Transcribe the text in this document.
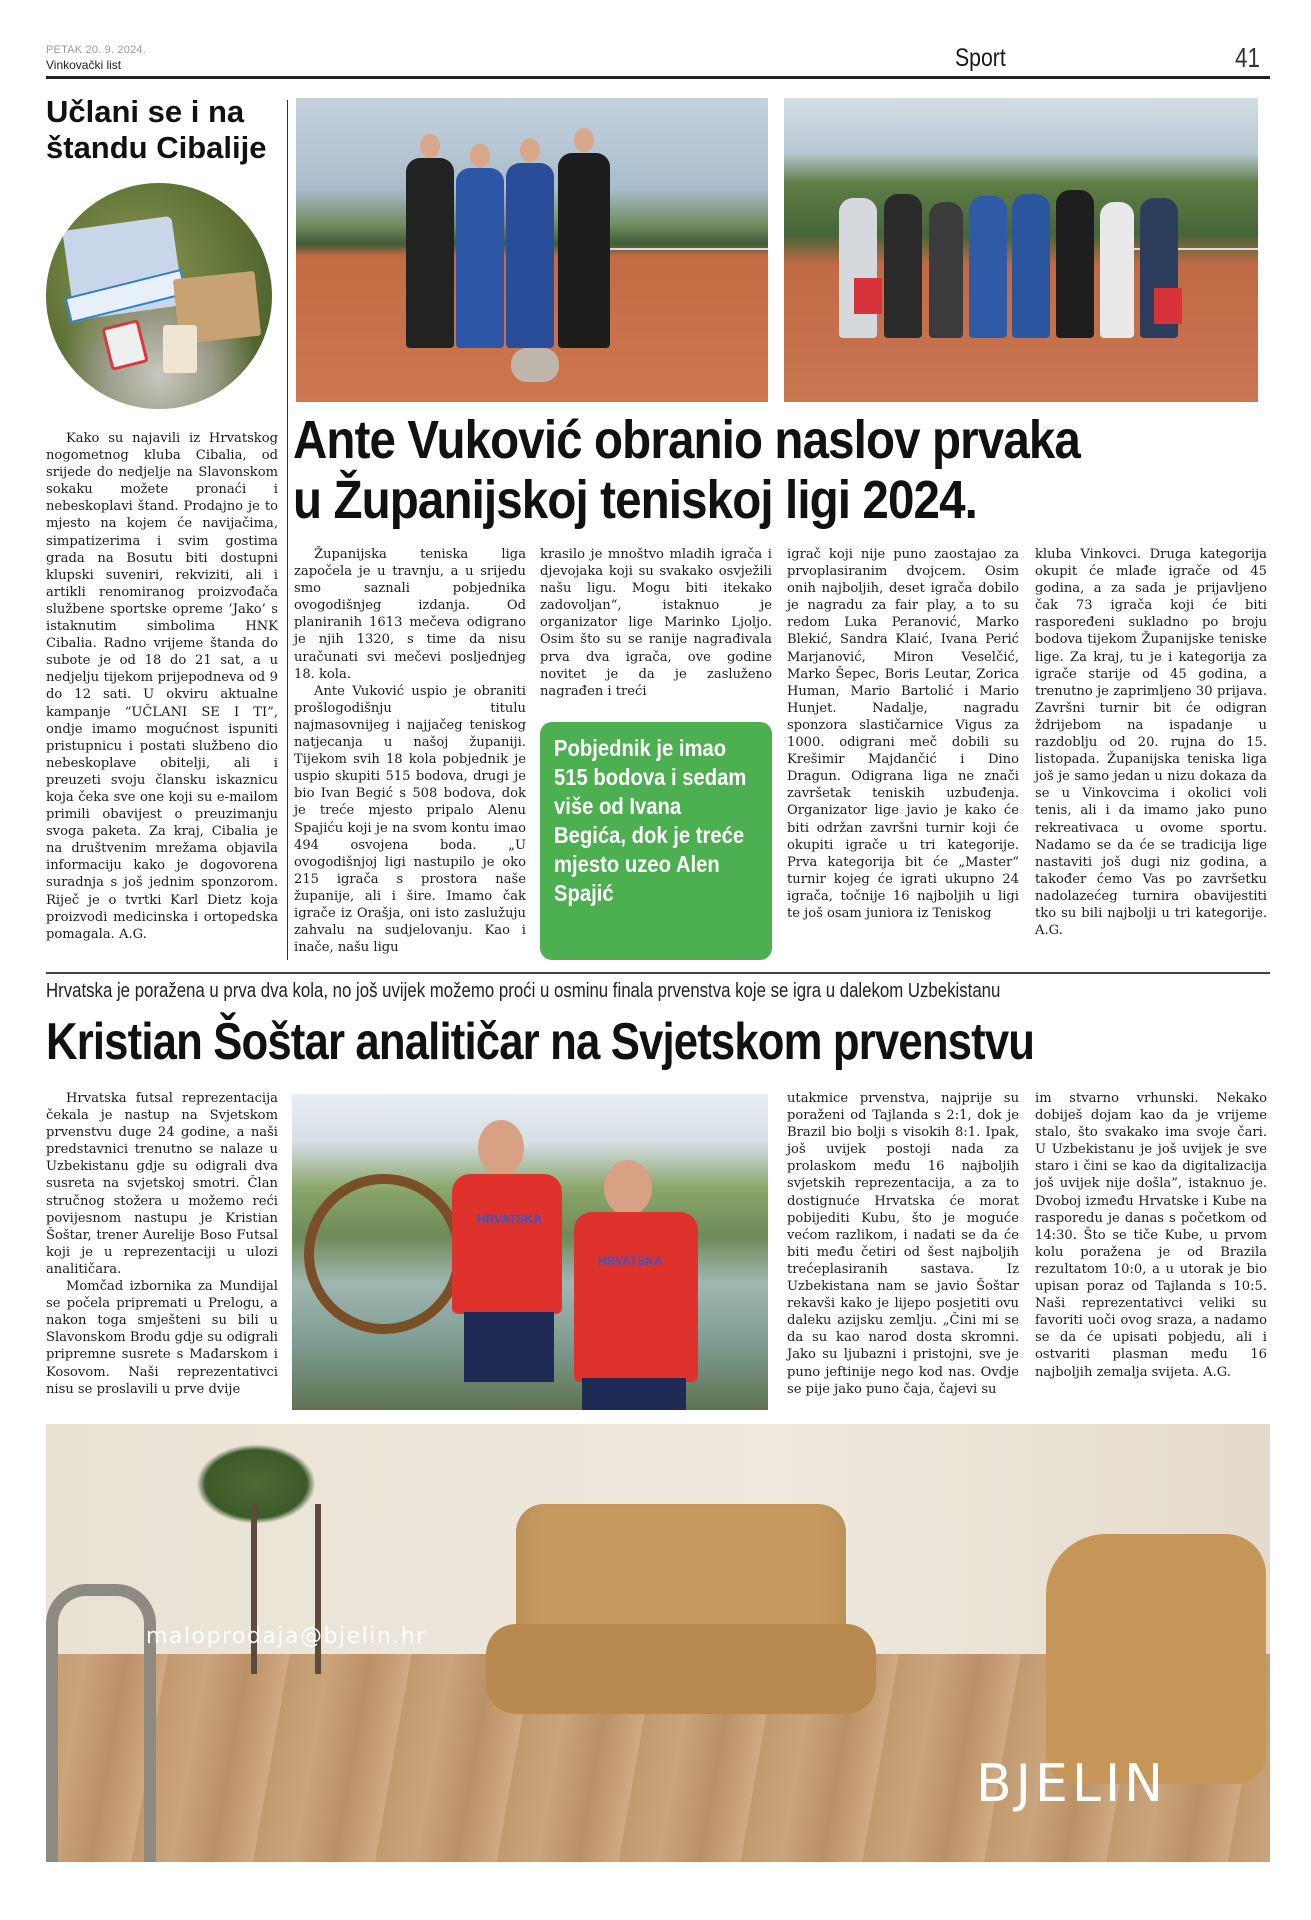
PETAK 20. 9. 2024.
Vinkovački list	Sport	41
Učlani se i na štandu Cibalije

Kako su najavili iz Hrvatskog nogometnog kluba Cibalia, od srijede do nedjelje na Slavonskom sokaku možete pronaći i nebeskoplavi štand. Prodajno je to mjesto na kojem će navijačima, simpatizerima i svim gostima grada na Bosutu biti dostupni klupski suveniri, rekviziti, ali i artikli renomiranog proizvođača službene sportske opreme ‘Jako’ s istaknutim simbolima HNK Cibalia. Radno vrijeme štanda do subote je od 18 do 21 sat, a u nedjelju tijekom prijepodneva od 9 do 12 sati. U okviru aktualne kampanje “UČLANI SE I TI”, ondje imamo mogućnost ispuniti pristupnicu i postati službeno dio nebeskoplave obitelji, ali i preuzeti svoju člansku iskaznicu koja čeka sve one koji su e-mailom primili obavijest o preuzimanju svoga paketa. Za kraj, Cibalia je na društvenim mrežama objavila informaciju kako je dogovorena suradnja s još jednim sponzorom. Riječ je o tvrtki Karl Dietz koja proizvodi medicinska i ortopedska pomagala. A.G.

Ante Vuković obranio naslov prvaka
u Županijskoj teniskoj ligi 2024.

Županijska teniska liga započela je u travnju, a u srijedu smo saznali pobjednika ovogodišnjeg izdanja. Od planiranih 1613 mečeva odigrano je njih 1320, s time da nisu uračunati svi mečevi posljednjeg 18. kola.

Ante Vuković uspio je obraniti prošlogodišnju titulu najmasovnijeg i najjačeg teniskog natjecanja u našoj županiji. Tijekom svih 18 kola pobjednik je uspio skupiti 515 bodova, drugi je bio Ivan Begić s 508 bodova, dok je treće mjesto pripalo Alenu Spajiću koji je na svom kontu imao 494 osvojena boda. „U ovogodišnjoj ligi nastupilo je oko 215 igrača s prostora naše županije, ali i šire. Imamo čak igrače iz Orašja, oni isto zaslužuju zahvalu na sudjelovanju. Kao i inače, našu ligu

krasilo je mnoštvo mladih igrača i djevojaka koji su svakako osvježili našu ligu. Mogu biti itekako zadovoljan“, istaknuo je organizator lige Marinko Ljoljo. Osim što su se ranije nagrađivala prva dva igrača, ove godine novitet je da je zasluženo nagrađen i treći

Pobjednik je imao 515 bodova i sedam više od Ivana Begića, dok je treće mjesto uzeo Alen Spajić

igrač koji nije puno zaostajao za prvoplasiranim dvojcem. Osim onih najboljih, deset igrača dobilo je nagradu za fair play, a to su redom Luka Peranović, Marko Blekić, Sandra Klaić, Ivana Perić Marjanović, Miron Veselčić, Marko Šepec, Boris Leutar, Zorica Human, Mario Bartolić i Mario Hunjet. Nadalje, nagradu sponzora slastičarnice Vigus za 1000. odigrani meč dobili su Krešimir Majdančić i Dino Dragun. Odigrana liga ne znači završetak teniskih uzbuđenja. Organizator lige javio je kako će biti održan završni turnir koji će okupiti igrače u tri kategorije. Prva kategorija bit će „Master“ turnir kojeg će igrati ukupno 24 igrača, točnije 16 najboljih u ligi te još osam juniora iz Teniskog

kluba Vinkovci. Druga kategorija okupit će mlađe igrače od 45 godina, a za sada je prijavljeno čak 73 igrača koji će biti raspoređeni sukladno po broju bodova tijekom Županijske teniske lige. Za kraj, tu je i kategorija za igrače starije od 45 godina, a trenutno je zaprimljeno 30 prijava. Završni turnir bit će odigran ždrijebom na ispadanje u razdoblju od 20. rujna do 15. listopada. Županijska teniska liga još je samo jedan u nizu dokaza da se u Vinkovcima i okolici voli tenis, ali i da imamo jako puno rekreativaca u ovome sportu. Nadamo se da će se tradicija lige nastaviti još dugi niz godina, a također ćemo Vas po završetku nadolazećeg turnira obavijestiti tko su bili najbolji u tri kategorije. A.G.

Hrvatska je poražena u prva dva kola, no još uvijek možemo proći u osminu finala prvenstva koje se igra u dalekom Uzbekistanu
Kristian Šoštar analitičar na Svjetskom prvenstvu

Hrvatska futsal reprezentacija čekala je nastup na Svjetskom prvenstvu duge 24 godine, a naši predstavnici trenutno se nalaze u Uzbekistanu gdje su odigrali dva susreta na svjetskoj smotri. Član stručnog stožera u možemo reći povijesnom nastupu je Kristian Šoštar, trener Aurelije Boso Futsal koji je u reprezentaciji u ulozi analitičara.

Momčad izbornika za Mundijal se počela pripremati u Prelogu, a nakon toga smješteni su bili u Slavonskom Brodu gdje su odigrali pripremne susrete s Mađarskom i Kosovom. Naši reprezentativci nisu se proslavili u prve dvije

HRVATSKA
HRVATSKA

utakmice prvenstva, najprije su poraženi od Tajlanda s 2:1, dok je Brazil bio bolji s visokih 8:1. Ipak, još uvijek postoji nada za prolaskom među 16 najboljih svjetskih reprezentacija, a za to dostignuće Hrvatska će morat pobijediti Kubu, što je moguće većom razlikom, i nadati se da će biti među četiri od šest najboljih trećeplasiranih sastava. Iz Uzbekistana nam se javio Šoštar rekavši kako je lijepo posjetiti ovu daleku azijsku zemlju. „Čini mi se da su kao narod dosta skromni. Jako su ljubazni i pristojni, sve je puno jeftinije nego kod nas. Ovdje se pije jako puno čaja, čajevi su

im stvarno vrhunski. Nekako dobiješ dojam kao da je vrijeme stalo, što svakako ima svoje čari. U Uzbekistanu je još uvijek je sve staro i čini se kao da digitalizacija još uvijek nije došla”, istaknuo je. Dvoboj između Hrvatske i Kube na rasporedu je danas s početkom od 14:30. Što se tiče Kube, u prvom kolu poražena je od Brazila rezultatom 10:0, a u utorak je bio upisan poraz od Tajlanda s 10:5. Naši reprezentativci veliki su favoriti uoči ovog sraza, a nadamo se da će upisati pobjedu, ali i ostvariti plasman među 16 najboljih zemalja svijeta. A.G.

maloprodaja@bjelin.hr
BJELIN
